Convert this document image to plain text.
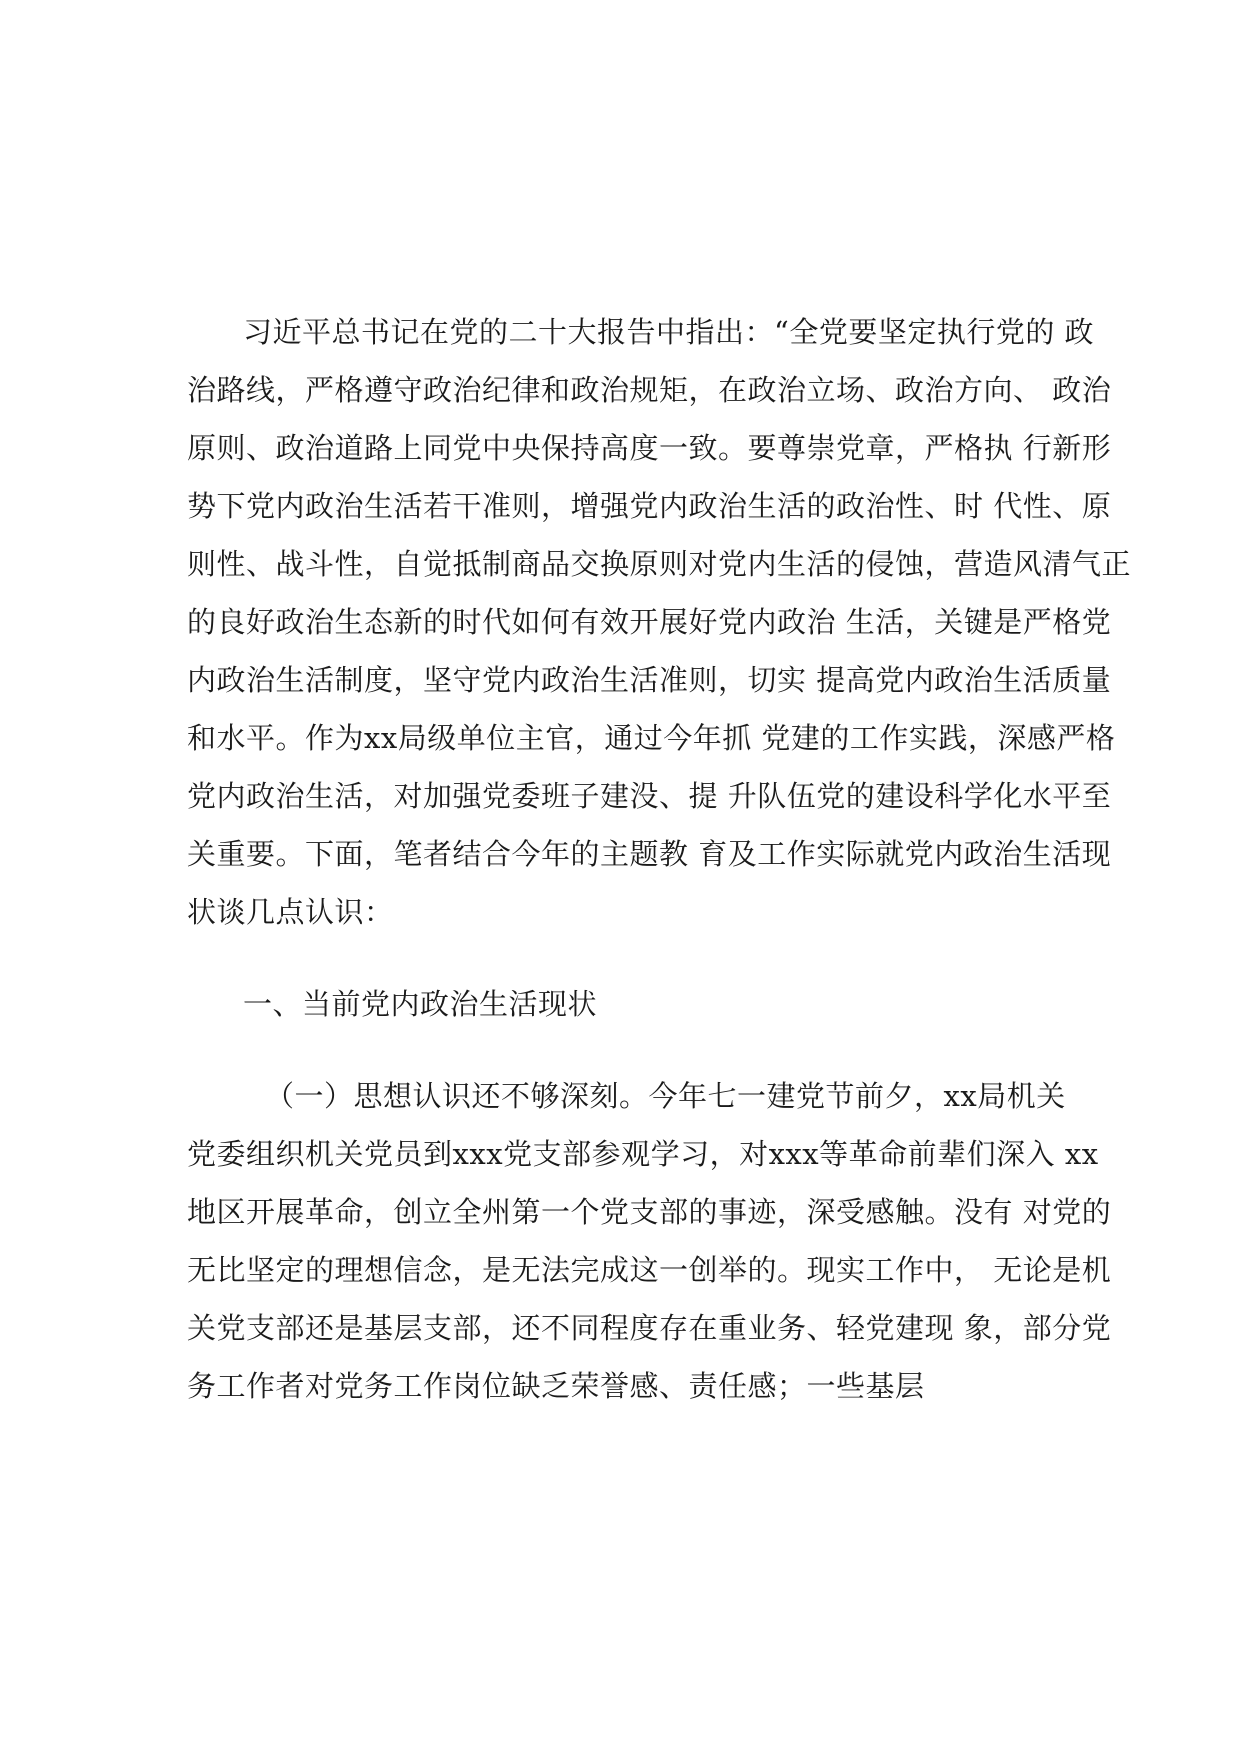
习近平总书记在党的二十大报告中指出：“全党要坚定执行党的 政

治路线，严格遵守政治纪律和政治规矩，在政治立场、政治方向、 政治

原则、政治道路上同党中央保持高度一致。要尊崇党章，严格执 行新形

势下党内政治生活若干准则，增强党内政治生活的政治性、时 代性、原

则性、战斗性，自觉抵制商品交换原则对党内生活的侵蚀，营造风清气正

的良好政治生态新的时代如何有效开展好党内政治 生活，关键是严格党

内政治生活制度，坚守党内政治生活准则，切实 提高党内政治生活质量

和水平。作为xx局级单位主官，通过今年抓 党建的工作实践，深感严格

党内政治生活，对加强党委班子建没、提 升队伍党的建设科学化水平至

关重要。下面，笔者结合今年的主题教 育及工作实际就党内政治生活现

状谈几点认识：

一、当前党内政治生活现状

（一）思想认识还不够深刻。今年七一建党节前夕，xx局机关

党委组织机关党员到xxx党支部参观学习，对xxx等革命前辈们深入 xx

地区开展革命，创立全州第一个党支部的事迹，深受感触。没有 对党的

无比坚定的理想信念，是无法完成这一创举的。现实工作中， 无论是机

关党支部还是基层支部，还不同程度存在重业务、轻党建现 象，部分党

务工作者对党务工作岗位缺乏荣誉感、责任感；一些基层
